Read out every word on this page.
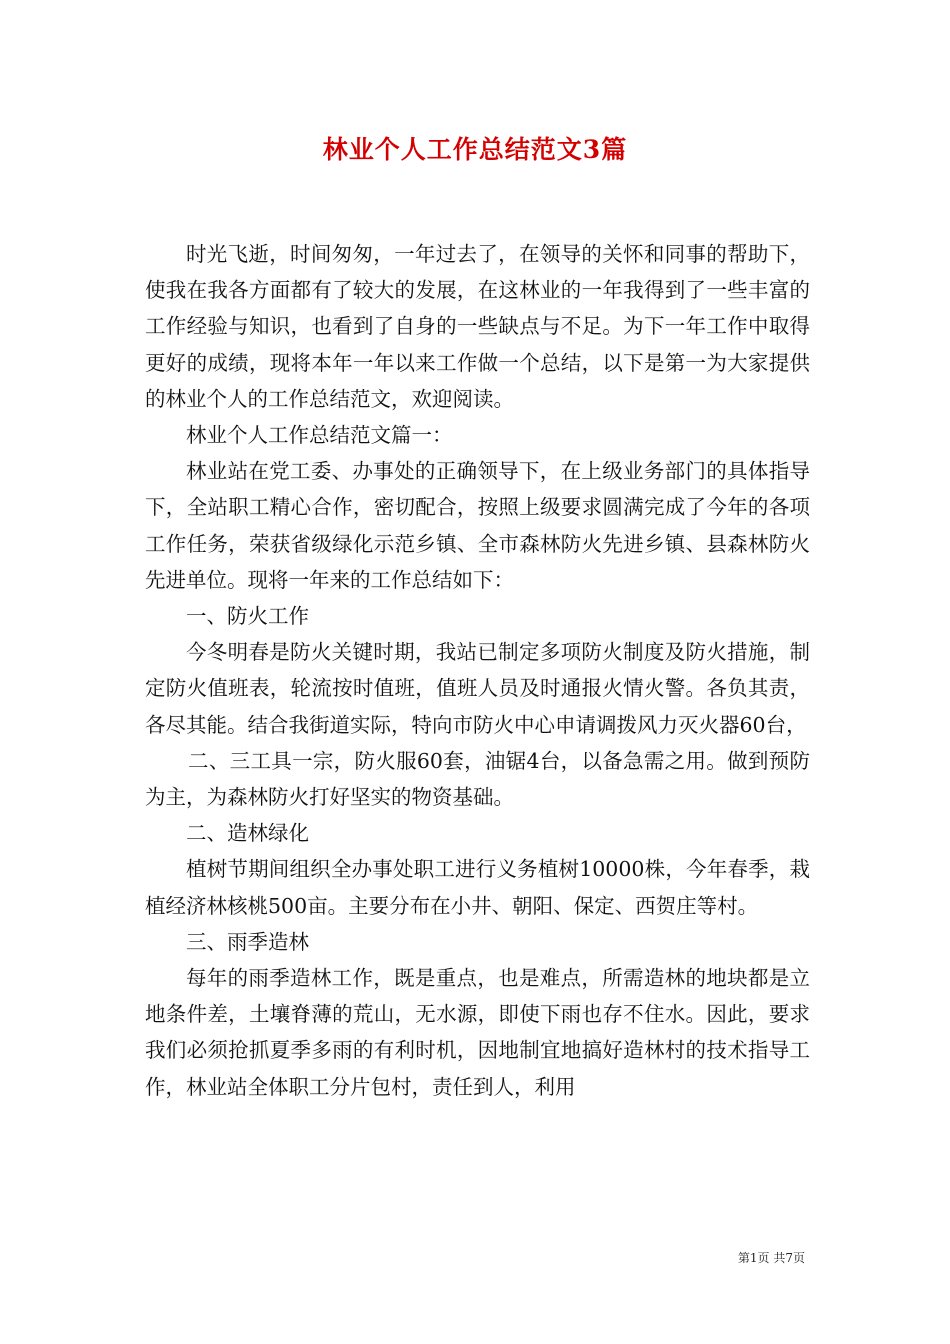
林业个人工作总结范文3篇

时光飞逝，时间匆匆，一年过去了，在领导的关怀和同事的帮助下，使我在我各方面都有了较大的发展，在这林业的一年我得到了一些丰富的工作经验与知识，也看到了自身的一些缺点与不足。为下一年工作中取得更好的成绩，现将本年一年以来工作做一个总结，以下是第一为大家提供的林业个人的工作总结范文，欢迎阅读。

林业个人工作总结范文篇一：

林业站在党工委、办事处的正确领导下，在上级业务部门的具体指导下，全站职工精心合作，密切配合，按照上级要求圆满完成了今年的各项工作任务，荣获省级绿化示范乡镇、全市森林防火先进乡镇、县森林防火先进单位。现将一年来的工作总结如下：

一、防火工作

今冬明春是防火关键时期，我站已制定多项防火制度及防火措施，制定防火值班表，轮流按时值班，值班人员及时通报火情火警。各负其责，各尽其能。结合我街道实际，特向市防火中心申请调拨风力灭火器60台，

二、三工具一宗，防火服60套，油锯4台，以备急需之用。做到预防为主，为森林防火打好坚实的物资基础。

二、造林绿化

植树节期间组织全办事处职工进行义务植树10000株，今年春季，栽植经济林核桃500亩。主要分布在小井、朝阳、保定、西贺庄等村。

三、雨季造林

每年的雨季造林工作，既是重点，也是难点，所需造林的地块都是立地条件差，土壤脊薄的荒山，无水源，即使下雨也存不住水。因此，要求我们必须抢抓夏季多雨的有利时机，因地制宜地搞好造林村的技术指导工作，林业站全体职工分片包村，责任到人，利用

第1页 共7页
